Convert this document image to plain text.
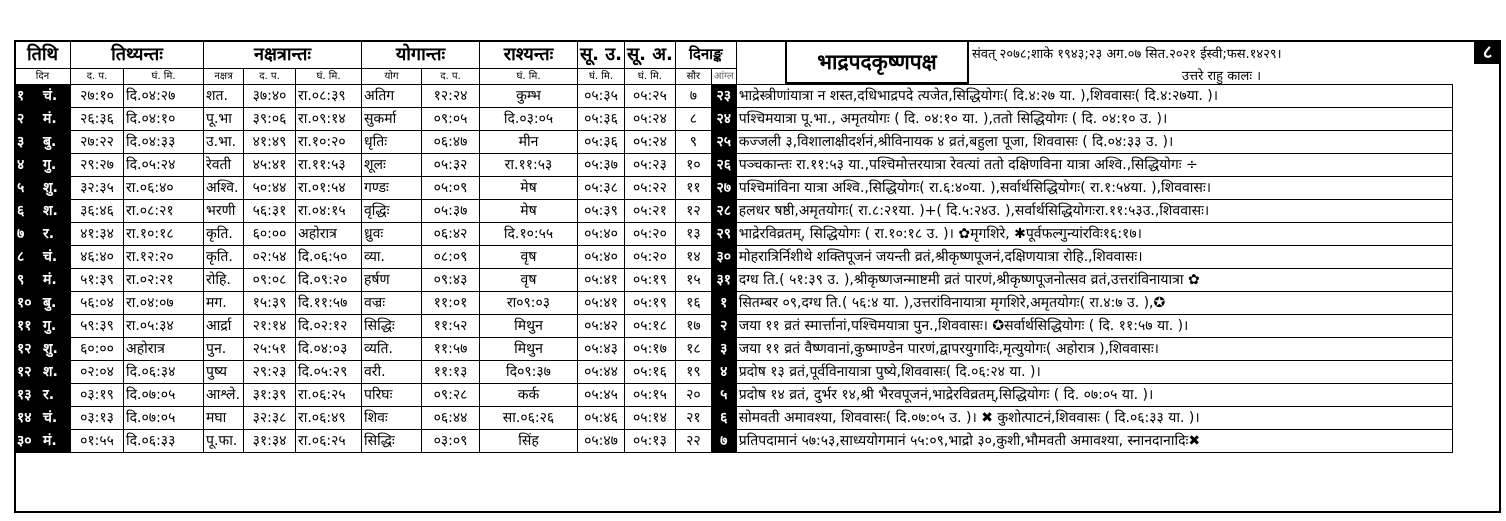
तिथि		तिथ्यन्तः		नक्षत्रान्तः			योगान्तः		राश्यन्तः	सू. उ.	सू. अ.	दिनाङ्क		
दिन		द. प.	घं. मि.	नक्षत्र	द. प.	घं. मि.	योग	द. प.	घं. मि.	घं. मि.	घं. मि.	सौर	आंग्ल	
१	चं.	२७:१०	दि.०४:२७	शत.	३७:४०	रा.०८:३९	अतिग	१२:२४	कुम्भ	०५:३५	०५:२५	७	२३	भाद्रेस्त्रीणांयात्रा न शस्त,दधिभाद्रपदे त्यजेत,सिद्धियोगः( दि.४:२७ या. ),शिववासः( दि.४:२७या. )।
२	मं.	२६:३६	दि.०४:१०	पू.भा	३९:०६	रा.०९:१४	सुकर्मा	०९:०५	दि.०३:०५	०५:३६	०५:२४	८	२४	पश्चिमयात्रा पू.भा., अमृतयोगः ( दि. ०४:१० या. ),ततो सिद्धियोगः ( दि. ०४:१० उ. )।
३	बु.	२७:२२	दि.०४:३३	उ.भा.	४१:४९	रा.१०:२०	धृतिः	०६:४७	मीन	०५:३६	०५:२४	९	२५	कज्जली ३,विशालाक्षीदर्शनं,श्रीविनायक ४ व्रतं,बहुला पूजा, शिववासः ( दि.०४:३३ उ. )।
४	गु.	२९:२७	दि.०५:२४	रेवती	४५:४१	रा.११:५३	शूलः	०५:३२	रा.११:५३	०५:३७	०५:२३	१०	२६	पञ्चकान्तः रा.११:५३ या.,पश्चिमोत्तरयात्रा रेवत्यां ततो दक्षिणविना यात्रा अश्वि.,सिद्धियोगः ÷
५	शु.	३२:३५	रा.०६:४०	अश्वि.	५०:४४	रा.०१:५४	गण्डः	०५:०९	मेष	०५:३८	०५:२२	११	२७	पश्चिमांविना यात्रा अश्वि.,सिद्धियोगः( रा.६:४०या. ),सर्वार्थसिद्धियोगः( रा.१:५४या. ),शिववासः।
६	श.	३६:४६	रा.०८:२१	भरणी	५६:३१	रा.०४:१५	वृद्धिः	०५:३७	मेष	०५:३९	०५:२१	१२	२८	हलधर षष्ठी,अमृतयोगः( रा.८:२१या. )+( दि.५:२४उ. ),सर्वार्थसिद्धियोगःरा.११:५३उ.,शिववासः।
७	र.	४१:३४	रा.१०:१८	कृति.	६०:००	अहोरात्र	ध्रुवः	०६:४२	दि.१०:५५	०५:४०	०५:२०	१३	२९	भाद्रेरविव्रतम्, सिद्धियोगः ( रा.१०:१८ उ. )। ✿मृगशिरे, ✱पूर्वफल्गुन्यांरविः१६:१७।
८	चं.	४६:४०	रा.१२:२०	कृति.	०२:५४	दि.०६:५०	व्या.	०८:०९	वृष	०५:४०	०५:२०	१४	३०	मोहरात्रिर्निशीथे शक्तिपूजनं जयन्ती व्रतं,श्रीकृष्णपूजनं,दक्षिणयात्रा रोहि.,शिववासः।
९	मं.	५१:३९	रा.०२:२१	रोहि.	०९:०८	दि.०९:२०	हर्षण	०९:४३	वृष	०५:४१	०५:१९	१५	३१	दग्ध ति.( ५१:३९ उ. ),श्रीकृष्णजन्माष्टमी व्रतं पारणं,श्रीकृष्णपूजनोत्सव व्रतं,उत्तरांविनायात्रा ✿
१०	बु.	५६:०४	रा.०४:०७	मग.	१५:३९	दि.११:५७	वज्रः	११:०१	रा०९:०३	०५:४१	०५:१९	१६	१	सितम्बर ०९,दग्ध ति.( ५६:४ या. ),उत्तरांविनायात्रा मृगशिरे,अमृतयोगः( रा.४:७ उ. ),✪
११	गु.	५९:३९	रा.०५:३४	आर्द्रा	२१:१४	दि.०२:१२	सिद्धिः	११:५२	मिथुन	०५:४२	०५:१८	१७	२	जया ११ व्रतं स्मार्त्तानां,पश्चिमयात्रा पुन.,शिववासः। ✪सर्वार्थसिद्धियोगः ( दि. ११:५७ या. )।
१२	शु.	६०:००	अहोरात्र	पुन.	२५:५१	दि.०४:०३	व्यति.	११:५७	मिथुन	०५:४३	०५:१७	१८	३	जया ११ व्रतं वैष्णवानां,कुष्माण्डेन पारणं,द्वापरयुगादिः,मृत्युयोगः( अहोरात्र ),शिववासः।
१२	श.	०२:०४	दि.०६:३४	पुष्य	२९:२३	दि.०५:२९	वरी.	११:१३	दि०९:३७	०५:४४	०५:१६	१९	४	प्रदोष १३ व्रतं,पूर्वविनायात्रा पुष्ये,शिववासः( दि.०६:२४ या. )।
१३	र.	०३:१९	दि.०७:०५	आश्ले.	३१:३९	रा.०६:२५	परिघः	०९:२८	कर्क	०५:४५	०५:१५	२०	५	प्रदोष १४ व्रतं, दुर्भर १४,श्री भैरवपूजनं,भाद्रेरविव्रतम्,सिद्धियोगः ( दि. ०७:०५ या. )।
१४	चं.	०३:१३	दि.०७:०५	मघा	३२:३८	रा.०६:४९	शिवः	०६:४४	सा.०६:२६	०५:४६	०५:१४	२१	६	सोमवती अमावश्या, शिववासः( दि.०७:०५ उ. )। ✖ कुशोत्पाटनं,शिववासः ( दि.०६:३३ या. )।
३०	मं.	०१:५५	दि.०६:३३	पू.फा.	३१:३४	रा.०६:२५	सिद्धिः	०३:०९	सिंह	०५:४७	०५:१३	२२	७	प्रतिपदामानं ५७:५३,साध्ययोगमानं ५५:०९,भाद्रो ३०,कुशी,भौमवती अमावश्या, स्नानदानादिः✖
भाद्रपदकृष्णपक्ष	संवत् २०७८;शाके १९४३;२३ अग.०७ सित.२०२१ ईस्वी;फस.१४२९।
उत्तरे राहु कालः ।
८
